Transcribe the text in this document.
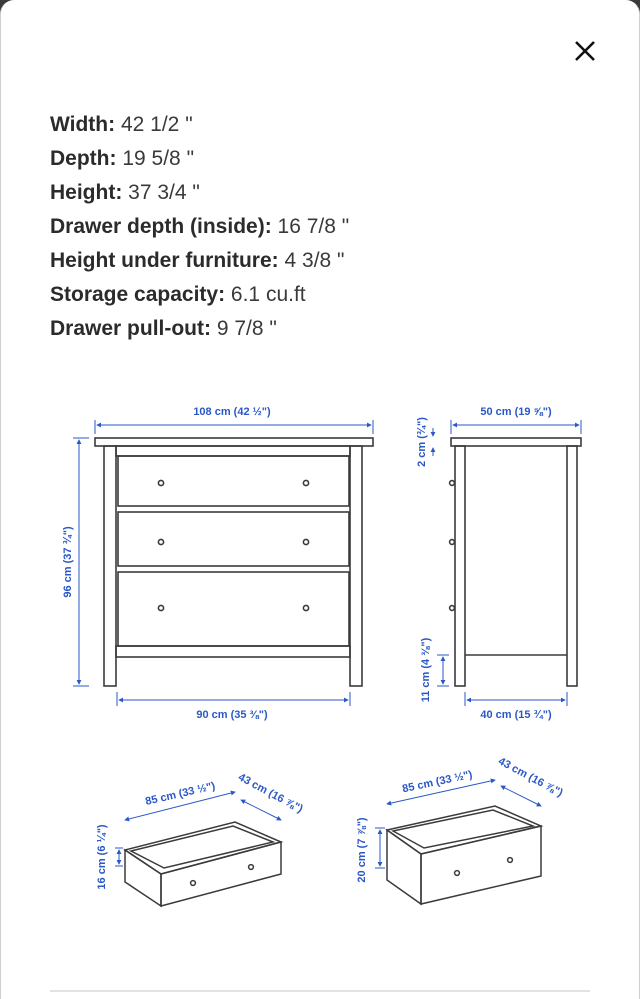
Width: 42 1/2 "
Depth: 19 5/8 "
Height: 37 3/4 "
Drawer depth (inside): 16 7/8 "
Height under furniture: 4 3/8 "
Storage capacity: 6.1 cu.ft
Drawer pull-out: 9 7/8 "
108 cm (42 ½")
96 cm (37 ¾")
90 cm (35 ⅜")
50 cm (19 ⅝")
2 cm (¾")
11 cm (4 ⅜")
40 cm (15 ¾")
85 cm (33 ½") 43 cm (16 ⅞")
16 cm (6 ¼")
85 cm (33 ½") 43 cm (16 ⅞")
20 cm (7 ⅞")
